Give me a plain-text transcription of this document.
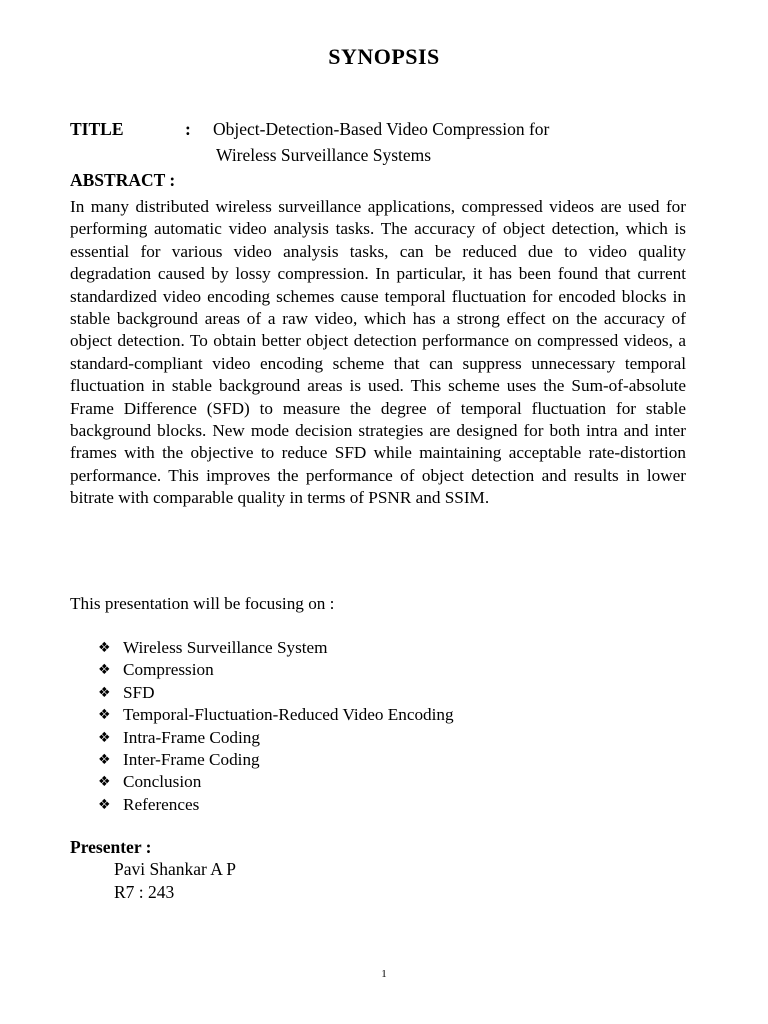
SYNOPSIS
TITLE	: Object-Detection-Based Video Compression for
Wireless Surveillance Systems
ABSTRACT :
In many distributed wireless surveillance applications, compressed videos are used for performing automatic video analysis tasks. The accuracy of object detection, which is essential for various video analysis tasks, can be reduced due to video quality degradation caused by lossy compression. In particular, it has been found that current standardized video encoding schemes cause temporal fluctuation for encoded blocks in stable background areas of a raw video, which has a strong effect on the accuracy of object detection. To obtain better object detection performance on compressed videos, a standard-compliant video encoding scheme that can suppress unnecessary temporal fluctuation in stable background areas is used. This scheme uses the Sum-of-absolute Frame Difference (SFD) to measure the degree of temporal fluctuation for stable background blocks. New mode decision strategies are designed for both intra and inter frames with the objective to reduce SFD while maintaining acceptable rate-distortion performance. This improves the performance of object detection and results in lower bitrate with comparable quality in terms of PSNR and SSIM.
This presentation will be focusing on :
❖ Wireless Surveillance System
❖ Compression
❖ SFD
❖ Temporal-Fluctuation-Reduced Video Encoding
❖ Intra-Frame Coding
❖ Inter-Frame Coding
❖ Conclusion
❖ References
Presenter :
Pavi Shankar A P
R7 : 243
1
